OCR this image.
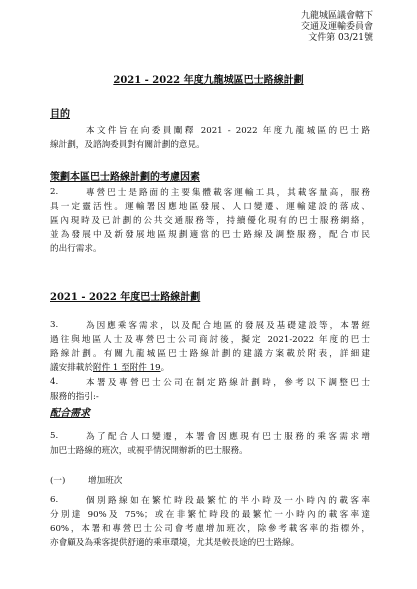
九龍城區議會轄下
交通及運輸委員會
文件第 03/21號
2021 - 2022 年度九龍城區巴士路線計劃
目的
本文件旨在向委員闡釋 2021 - 2022 年度九龍城區的巴士路
線計劃，及諮詢委員對有關計劃的意見。
策劃本區巴士路線計劃的考慮因素
2.	專營巴士是路面的主要集體載客運輸工具，其載客量高，服務
具一定靈活性。運輸署因應地區發展、人口變遷、運輸建設的落成、
區內現時及已計劃的公共交通服務等，持續優化現有的巴士服務網絡，
並為發展中及新發展地區規劃適當的巴士路線及調整服務，配合市民
的出行需求。
2021 - 2022 年度巴士路線計劃
3.	為因應乘客需求，以及配合地區的發展及基礎建設等，本署經
過往與地區人士及專營巴士公司商討後，擬定 2021-2022 年度的巴士
路線計劃。有關九龍城區巴士路線計劃的建議方案載於附表，詳細建
議安排載於附件 1 至附件 19。
4.	本署及專營巴士公司在制定路線計劃時，參考以下調整巴士
服務的指引:-
配合需求
5.	為了配合人口變遷，本署會因應現有巴士服務的乘客需求增
加巴士路線的班次，或視乎情況開辦新的巴士服務。
(一)	增加班次
6.	個別路線如在繁忙時段最繁忙的半小時及一小時內的載客率
分別達 90%及 75%；或在非繁忙時段的最繁忙一小時內的載客率達
60%，本署和專營巴士公司會考慮增加班次，除參考載客率的指標外，
亦會顧及為乘客提供舒適的乘車環境，尤其是較長途的巴士路線。
